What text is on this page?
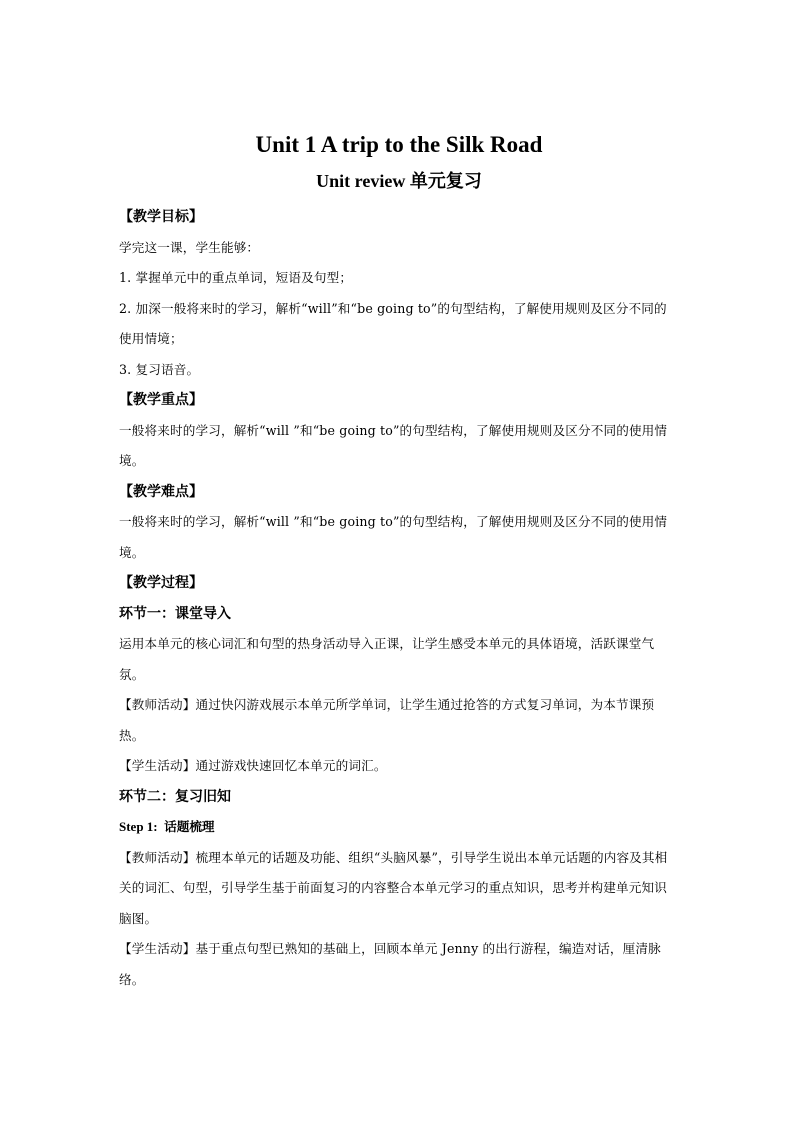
Unit 1 A trip to the Silk Road
Unit review 单元复习
【教学目标】

学完这一课，学生能够：

1. 掌握单元中的重点单词，短语及句型；

2. 加深一般将来时的学习，解析“will”和“be going to”的句型结构，了解使用规则及区分不同的使用情境；

3. 复习语音。

【教学重点】

一般将来时的学习，解析“will ”和“be going to”的句型结构，了解使用规则及区分不同的使用情境。

【教学难点】

一般将来时的学习，解析“will ”和“be going to”的句型结构，了解使用规则及区分不同的使用情境。

【教学过程】
环节一：课堂导入

运用本单元的核心词汇和句型的热身活动导入正课，让学生感受本单元的具体语境，活跃课堂气氛。

【教师活动】通过快闪游戏展示本单元所学单词，让学生通过抢答的方式复习单词，为本节课预热。

【学生活动】通过游戏快速回忆本单元的词汇。

环节二：复习旧知
Step 1: 话题梳理

【教师活动】梳理本单元的话题及功能、组织“头脑风暴”，引导学生说出本单元话题的内容及其相关的词汇、句型，引导学生基于前面复习的内容整合本单元学习的重点知识，思考并构建单元知识脑图。

【学生活动】基于重点句型已熟知的基础上，回顾本单元 Jenny 的出行游程，编造对话，厘清脉络。
